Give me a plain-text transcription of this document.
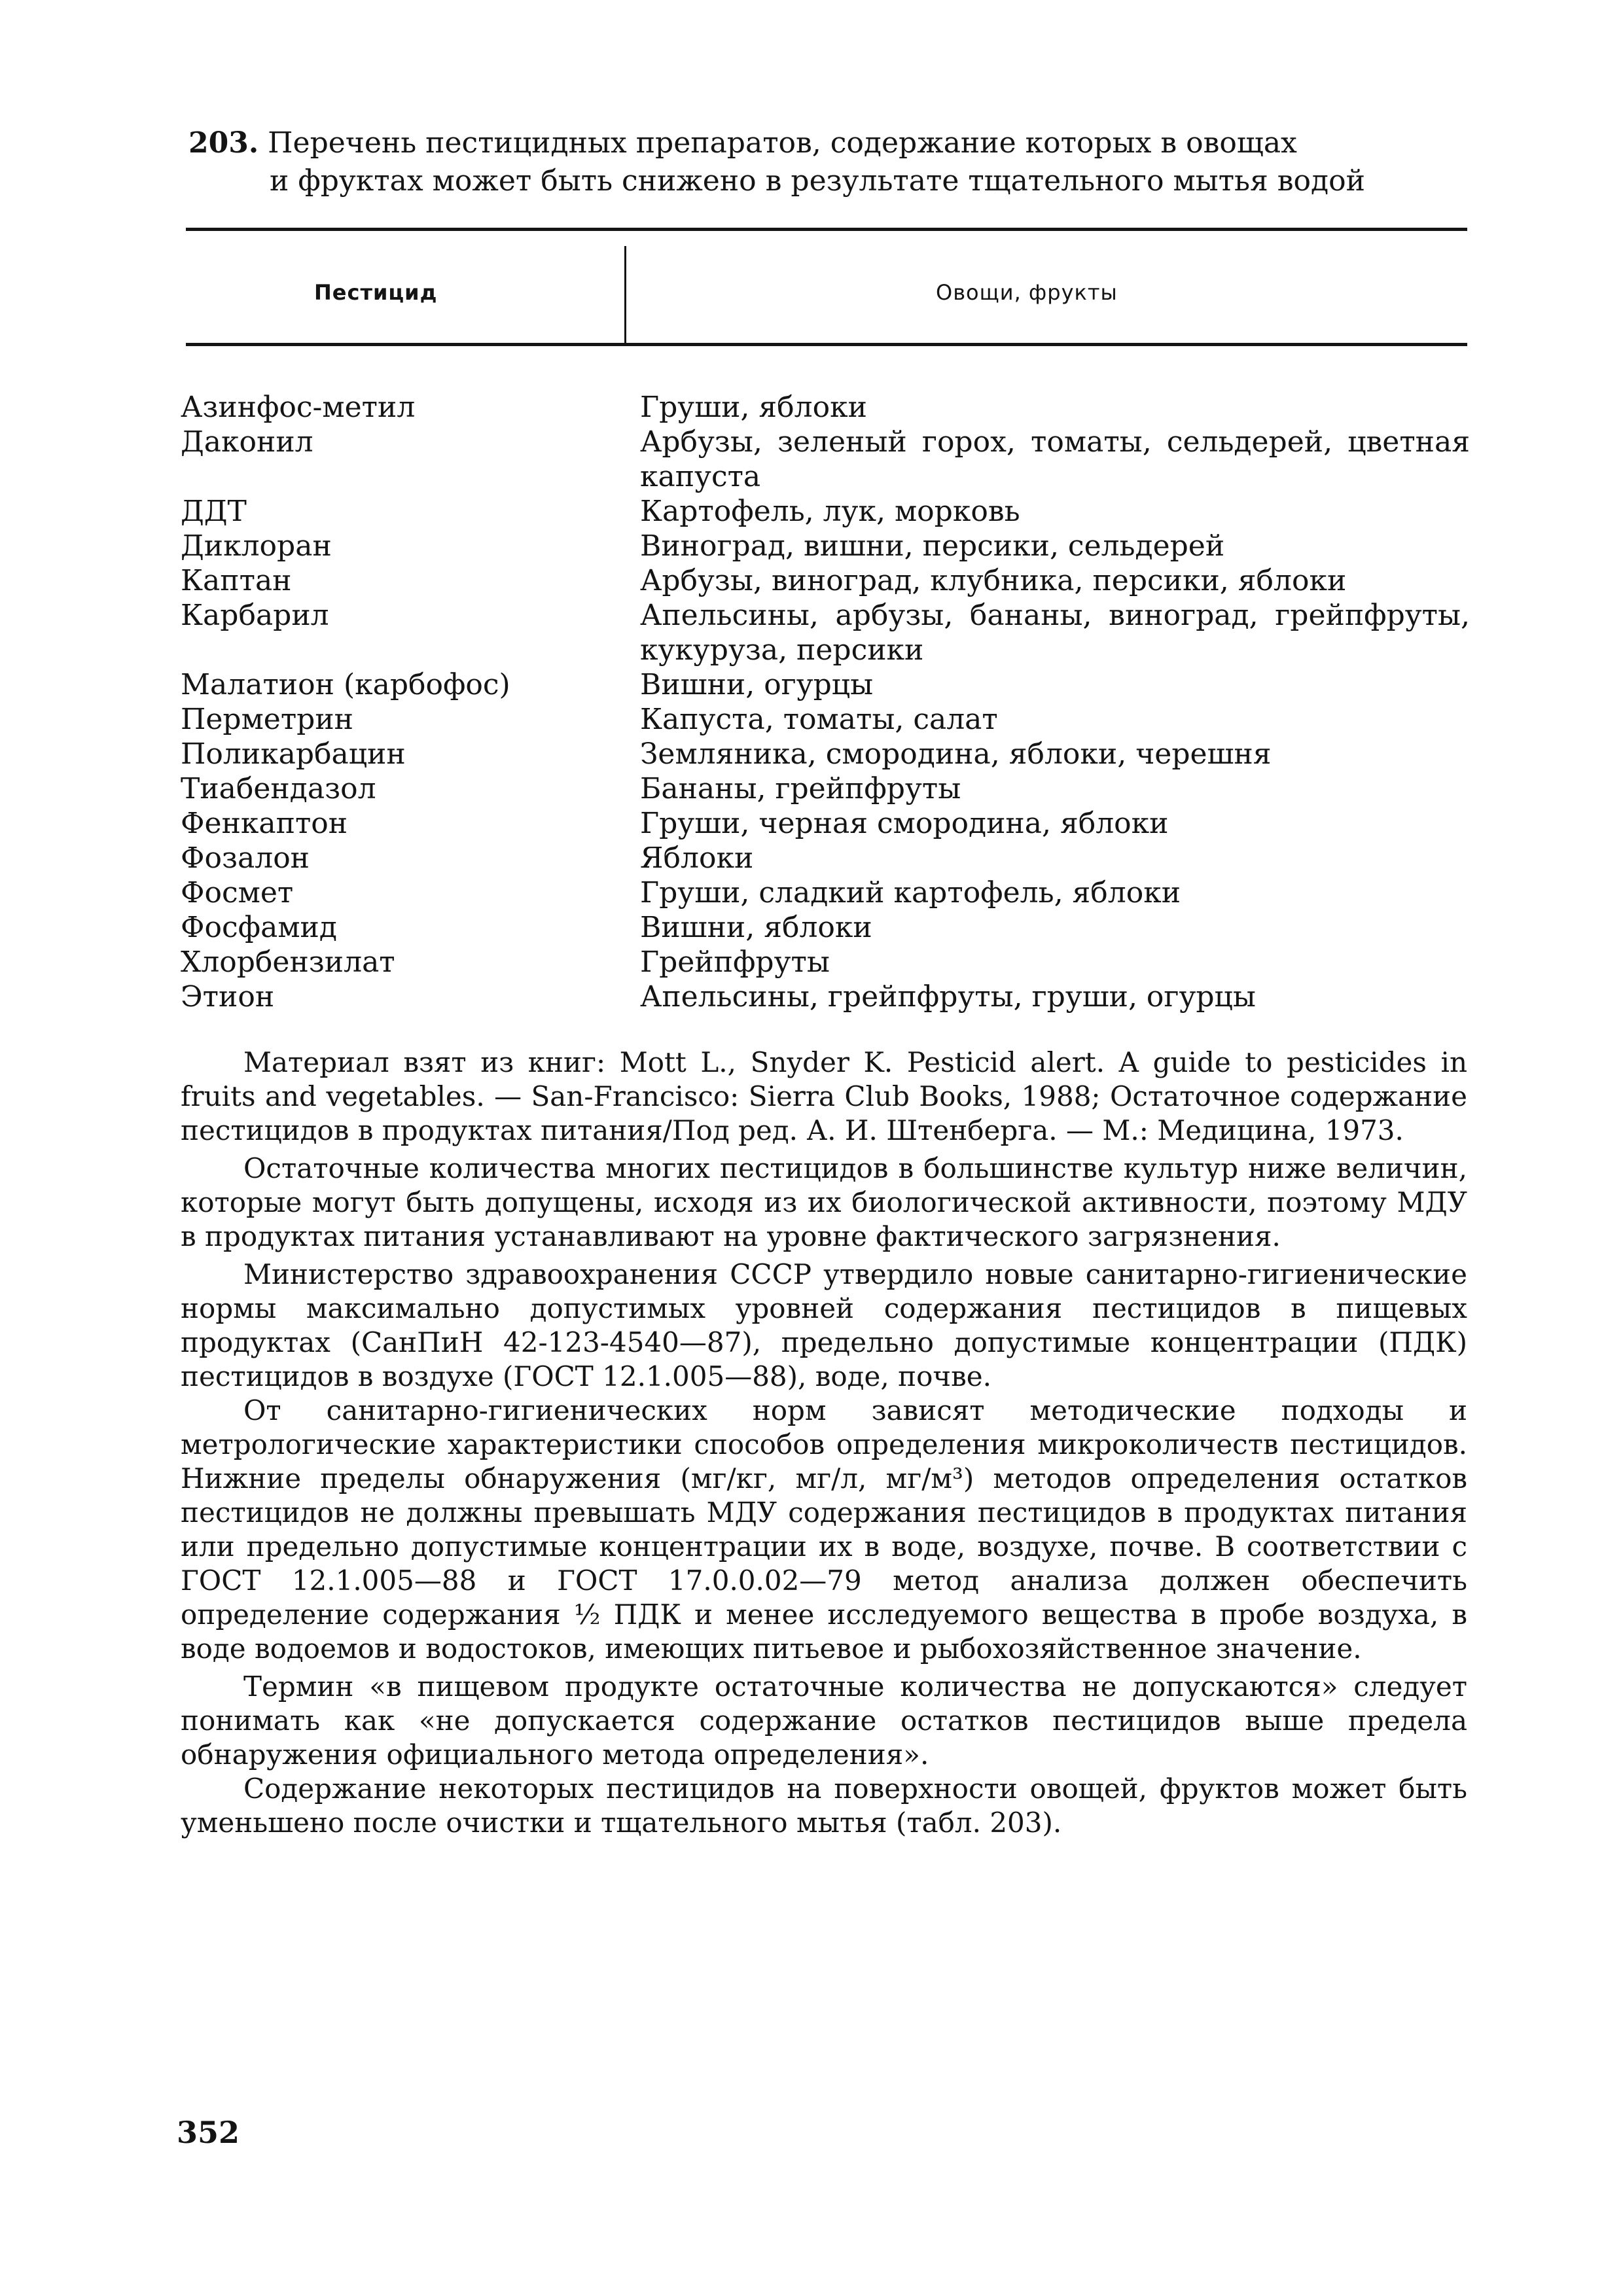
203. Перечень пестицидных препаратов, содержание которых в овощах
и фруктах может быть снижено в результате тщательного мытья водой
Пестицид	Овощи, фрукты
Азинфос-метил	Груши, яблоки
Даконил	Арбузы, зеленый горох, томаты, сельдерей, цветная капуста
ДДТ	Картофель, лук, морковь
Диклоран	Виноград, вишни, персики, сельдерей
Каптан	Арбузы, виноград, клубника, персики, яблоки
Карбарил	Апельсины, арбузы, бананы, виноград, грейпфруты, кукуруза, персики
Малатион (карбофос)	Вишни, огурцы
Перметрин	Капуста, томаты, салат
Поликарбацин	Земляника, смородина, яблоки, черешня
Тиабендазол	Бананы, грейпфруты
Фенкаптон	Груши, черная смородина, яблоки
Фозалон	Яблоки
Фосмет	Груши, сладкий картофель, яблоки
Фосфамид	Вишни, яблоки
Хлорбензилат	Грейпфруты
Этион	Апельсины, грейпфруты, груши, огурцы

Материал взят из книг: Mott L., Snyder K. Pesticid alert. A guide to pesticides in fruits and vegetables. — San-Francisco: Sierra Club Books, 1988; Остаточное содержание пестицидов в продуктах питания/Под ред. А. И. Штенберга. — М.: Медицина, 1973.

Остаточные количества многих пестицидов в большинстве культур ниже величин, которые могут быть допущены, исходя из их биологической активности, поэтому МДУ в продуктах питания устанавливают на уровне фактического загрязнения.

Министерство здравоохранения СССР утвердило новые санитарно-гигиенические нормы максимально допустимых уровней содержания пестицидов в пищевых продуктах (СанПиН 42-123-4540—87), предельно допустимые концентрации (ПДК) пестицидов в воздухе (ГОСТ 12.1.005—88), воде, почве.

От санитарно-гигиенических норм зависят методические подходы и метрологические характеристики способов определения микроколичеств пестицидов. Нижние пределы обнаружения (мг/кг, мг/л, мг/м³) методов определения остатков пестицидов не должны превышать МДУ содержания пестицидов в продуктах питания или предельно допустимые концентрации их в воде, воздухе, почве. В соответствии с ГОСТ 12.1.005—88 и ГОСТ 17.0.0.02—79 метод анализа должен обеспечить определение содержания ½ ПДК и менее исследуемого вещества в пробе воздуха, в воде водоемов и водостоков, имеющих питьевое и рыбохозяйственное значение.

Термин «в пищевом продукте остаточные количества не допускаются» следует понимать как «не допускается содержание остатков пестицидов выше предела обнаружения официального метода определения».

Содержание некоторых пестицидов на поверхности овощей, фруктов может быть уменьшено после очистки и тщательного мытья (табл. 203).

352
